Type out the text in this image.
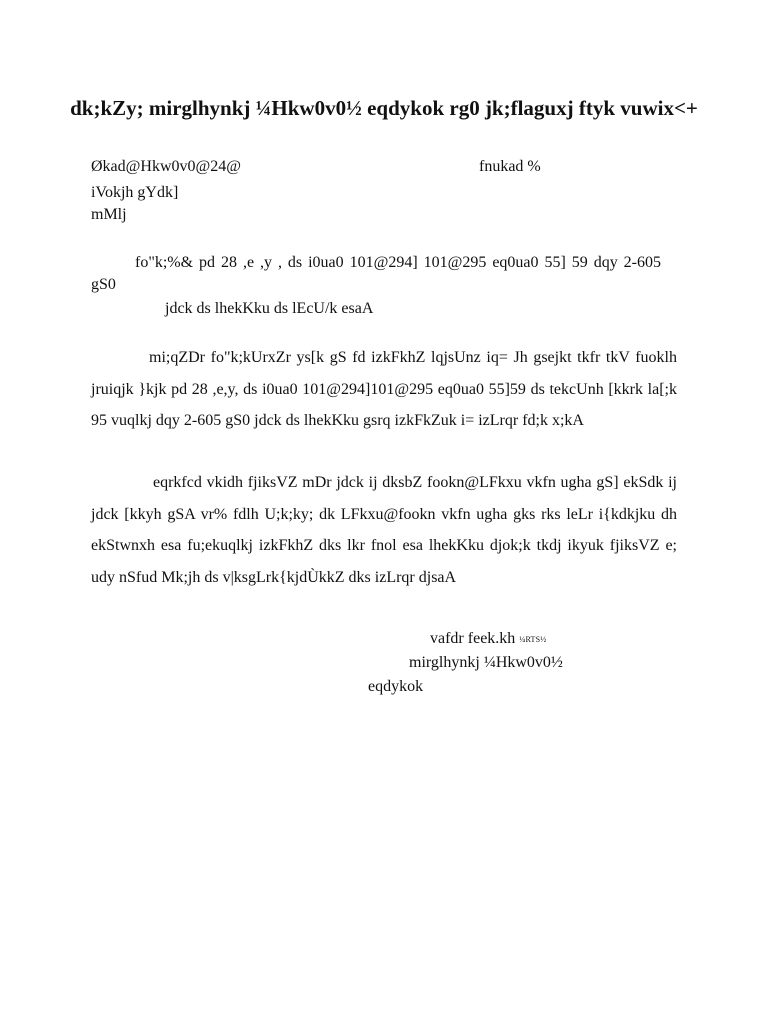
dk;kZy; mirglhynkj ¼Hkw0v0½ eqdykok rg0 jk;flaguxj ftyk vuwix<+

Økad@Hkw0v0@24@	fnukad %

iVokjh gYdk]

mMlj

fo"k;%& pd 28 ,e ,y , ds i0ua0 101@294] 101@295 eq0ua0 55] 59 dqy 2-605 gS0

jdck ds lhekKku ds lEcU/k esaA

mi;qZDr fo"k;kUrxZr ys[k gS fd izkFkhZ lqjsUnz iq= Jh gsejkt tkfr tkV fuoklh jruiqjk }kjk pd 28 ,e,y, ds i0ua0 101@294]101@295 eq0ua0 55]59 ds tekcUnh [kkrk la[;k 95 vuqlkj dqy 2-605 gS0 jdck ds lhekKku gsrq izkFkZuk i= izLrqr fd;k x;kA

eqrkfcd vkidh fjiksVZ mDr jdck ij dksbZ fookn@LFkxu vkfn ugha gS] ekSdk ij jdck [kkyh gSA vr% fdlh U;k;ky; dk LFkxu@fookn vkfn ugha gks rks leLr i{kdkjku dh ekStwnxh esa fu;ekuqlkj izkFkhZ dks lkr fnol esa lhekKku djok;k tkdj ikyuk fjiksVZ e; udy nSfud Mk;jh ds v|ksgLrk{kjdÙkkZ dks izLrqr djsaA

vafdr feek.kh ¼RTS½

mirglhynkj ¼Hkw0v0½

eqdykok
